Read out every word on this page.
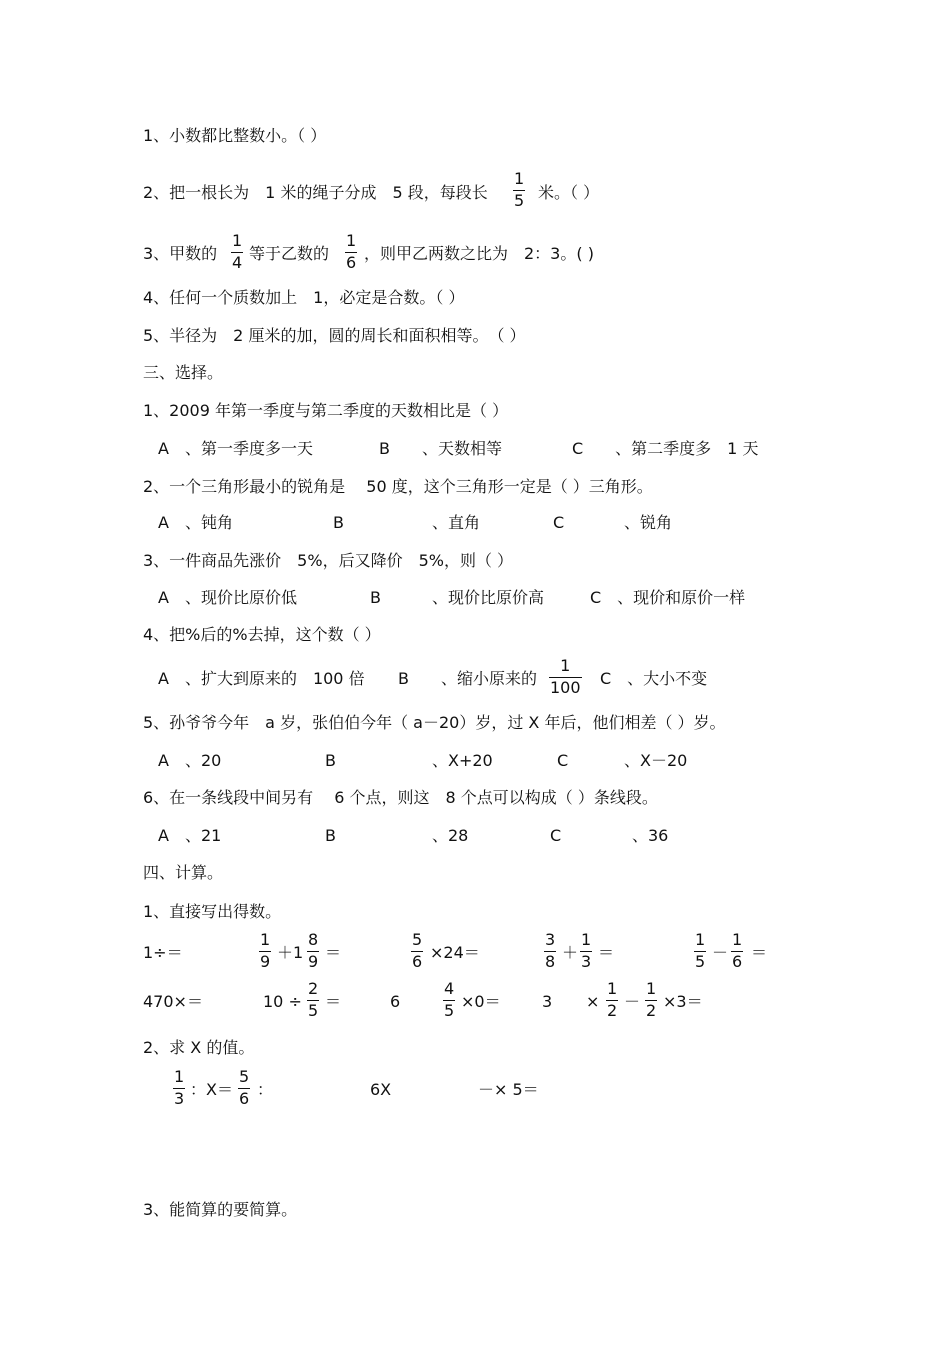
1、小数都比整数小。（ ）
2、把一根长为　1 米的绳子分成　5 段，每段长
1
5 米。（ ）
3、甲数的
1
4 等于乙数的
1
6 ，则甲乙两数之比为　2：3。( )
4、任何一个质数加上　1，必定是合数。（ ）
5、半径为　2 厘米的加，圆的周长和面积相等。　（ ）
三、选择。
1、2009 年第一季度与第二季度的天数相比是（ ）
A　、第一季度多一天	B　　、天数相等	C　　、第二季度多　1 天
2、一个三角形最小的锐角是　 50 度，这个三角形一定是（ ）三角形。
A　、钝角	B	、直角	C	、锐角
3、一件商品先涨价　5%，后又降价　5%，则（ ）
A　、现价比原价低	B	、现价比原价高	C　、现价和原价一样
4、把%后的%去掉，这个数（ ）
A　、扩大到原来的　100 倍 B　　、缩小原来的
1
100 C　、大小不变
5、孙爷爷今年　a 岁，张伯伯今年（ a－20）岁，过 X 年后，他们相差（ ）岁。
A　、20	B	、X+20	C	、X－20
6、在一条线段中间另有　 6 个点，则这　8 个点可以构成（ ）条线段。
A　、21	B	、28	C	、36
四、计算。
1、直接写出得数。
1÷＝
1
9 ＋1
8
9 ＝
5
6 ×24＝
3
8 ＋
1
3 ＝
1
5 －
1
6 ＝
470×＝	10 ÷
2
5 ＝	6
4
5 ×0＝	3 ×
1
2 －
1
2 ×3＝
2、求 X 的值。
1
3 ：X＝
5
6 ：	6X	－× 5＝
3、能简算的要简算。
